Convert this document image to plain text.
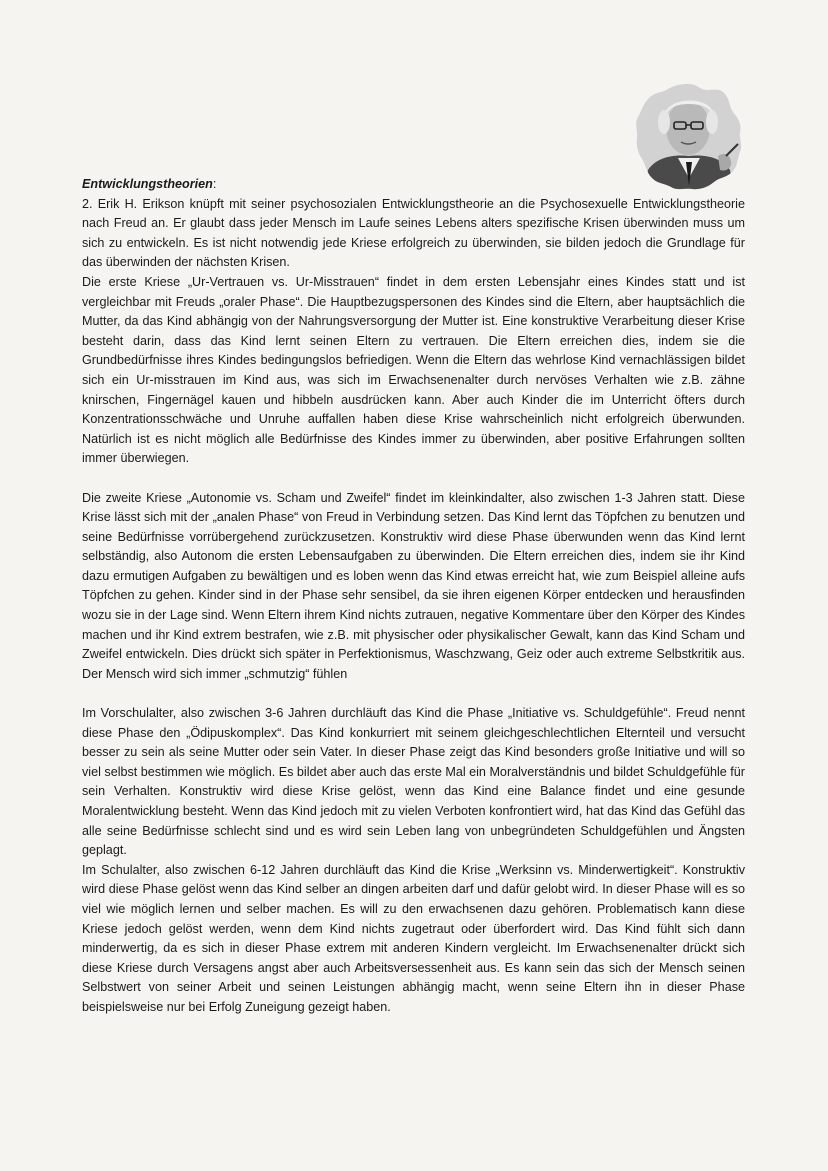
Entwicklungstheorien:

2. Erik H. Erikson knüpft mit seiner psychosozialen Entwicklungstheorie an die Psychosexuelle Entwicklungstheorie nach Freud an. Er glaubt dass jeder Mensch im Laufe seines Lebens alters spezifische Krisen überwinden muss um sich zu entwickeln. Es ist nicht notwendig jede Kriese erfolgreich zu überwinden, sie bilden jedoch die Grundlage für das überwinden der nächsten Krisen.

Die erste Kriese „Ur-Vertrauen vs. Ur-Misstrauen“ findet in dem ersten Lebensjahr eines Kindes statt und ist vergleichbar mit Freuds „oraler Phase“. Die Hauptbezugspersonen des Kindes sind die Eltern, aber hauptsächlich die Mutter, da das Kind abhängig von der Nahrungsversorgung der Mutter ist. Eine konstruktive Verarbeitung dieser Krise besteht darin, dass das Kind lernt seinen Eltern zu vertrauen. Die Eltern erreichen dies, indem sie die Grundbedürfnisse ihres Kindes bedingungslos befriedigen. Wenn die Eltern das wehrlose Kind vernachlässigen bildet sich ein Ur-misstrauen im Kind aus, was sich im Erwachsenenalter durch nervöses Verhalten wie z.B. zähne knirschen, Fingernägel kauen und hibbeln ausdrücken kann. Aber auch Kinder die im Unterricht öfters durch Konzentrationsschwäche und Unruhe auffallen haben diese Krise wahrscheinlich nicht erfolgreich überwunden. Natürlich ist es nicht möglich alle Bedürfnisse des Kindes immer zu überwinden, aber positive Erfahrungen sollten immer überwiegen.

Die zweite Kriese „Autonomie vs. Scham und Zweifel“ findet im kleinkindalter, also zwischen 1-3 Jahren statt. Diese Krise lässt sich mit der „analen Phase“ von Freud in Verbindung setzen. Das Kind lernt das Töpfchen zu benutzen und seine Bedürfnisse vorrübergehend zurückzusetzen. Konstruktiv wird diese Phase überwunden wenn das Kind lernt selbständig, also Autonom die ersten Lebensaufgaben zu überwinden. Die Eltern erreichen dies, indem sie ihr Kind dazu ermutigen Aufgaben zu bewältigen und es loben wenn das Kind etwas erreicht hat, wie zum Beispiel alleine aufs Töpfchen zu gehen. Kinder sind in der Phase sehr sensibel, da sie ihren eigenen Körper entdecken und herausfinden wozu sie in der Lage sind. Wenn Eltern ihrem Kind nichts zutrauen, negative Kommentare über den Körper des Kindes machen und ihr Kind extrem bestrafen, wie z.B. mit physischer oder physikalischer Gewalt, kann das Kind Scham und Zweifel entwickeln. Dies drückt sich später in Perfektionismus, Waschzwang, Geiz oder auch extreme Selbstkritik aus. Der Mensch wird sich immer „schmutzig“ fühlen

Im Vorschulalter, also zwischen 3-6 Jahren durchläuft das Kind die Phase „Initiative vs. Schuldgefühle“. Freud nennt diese Phase den „Ödipuskomplex“. Das Kind konkurriert mit seinem gleichgeschlechtlichen Elternteil und versucht besser zu sein als seine Mutter oder sein Vater. In dieser Phase zeigt das Kind besonders große Initiative und will so viel selbst bestimmen wie möglich. Es bildet aber auch das erste Mal ein Moralverständnis und bildet Schuldgefühle für sein Verhalten. Konstruktiv wird diese Krise gelöst, wenn das Kind eine Balance findet und eine gesunde Moralentwicklung besteht. Wenn das Kind jedoch mit zu vielen Verboten konfrontiert wird, hat das Kind das Gefühl das alle seine Bedürfnisse schlecht sind und es wird sein Leben lang von unbegründeten Schuldgefühlen und Ängsten geplagt.

Im Schulalter, also zwischen 6-12 Jahren durchläuft das Kind die Krise „Werksinn vs. Minderwertigkeit“. Konstruktiv wird diese Phase gelöst wenn das Kind selber an dingen arbeiten darf und dafür gelobt wird. In dieser Phase will es so viel wie möglich lernen und selber machen. Es will zu den erwachsenen dazu gehören. Problematisch kann diese Kriese jedoch gelöst werden, wenn dem Kind nichts zugetraut oder überfordert wird. Das Kind fühlt sich dann minderwertig, da es sich in dieser Phase extrem mit anderen Kindern vergleicht. Im Erwachsenenalter drückt sich diese Kriese durch Versagens angst aber auch Arbeitsversessenheit aus. Es kann sein das sich der Mensch seinen Selbstwert von seiner Arbeit und seinen Leistungen abhängig macht, wenn seine Eltern ihn in dieser Phase beispielsweise nur bei Erfolg Zuneigung gezeigt haben.
